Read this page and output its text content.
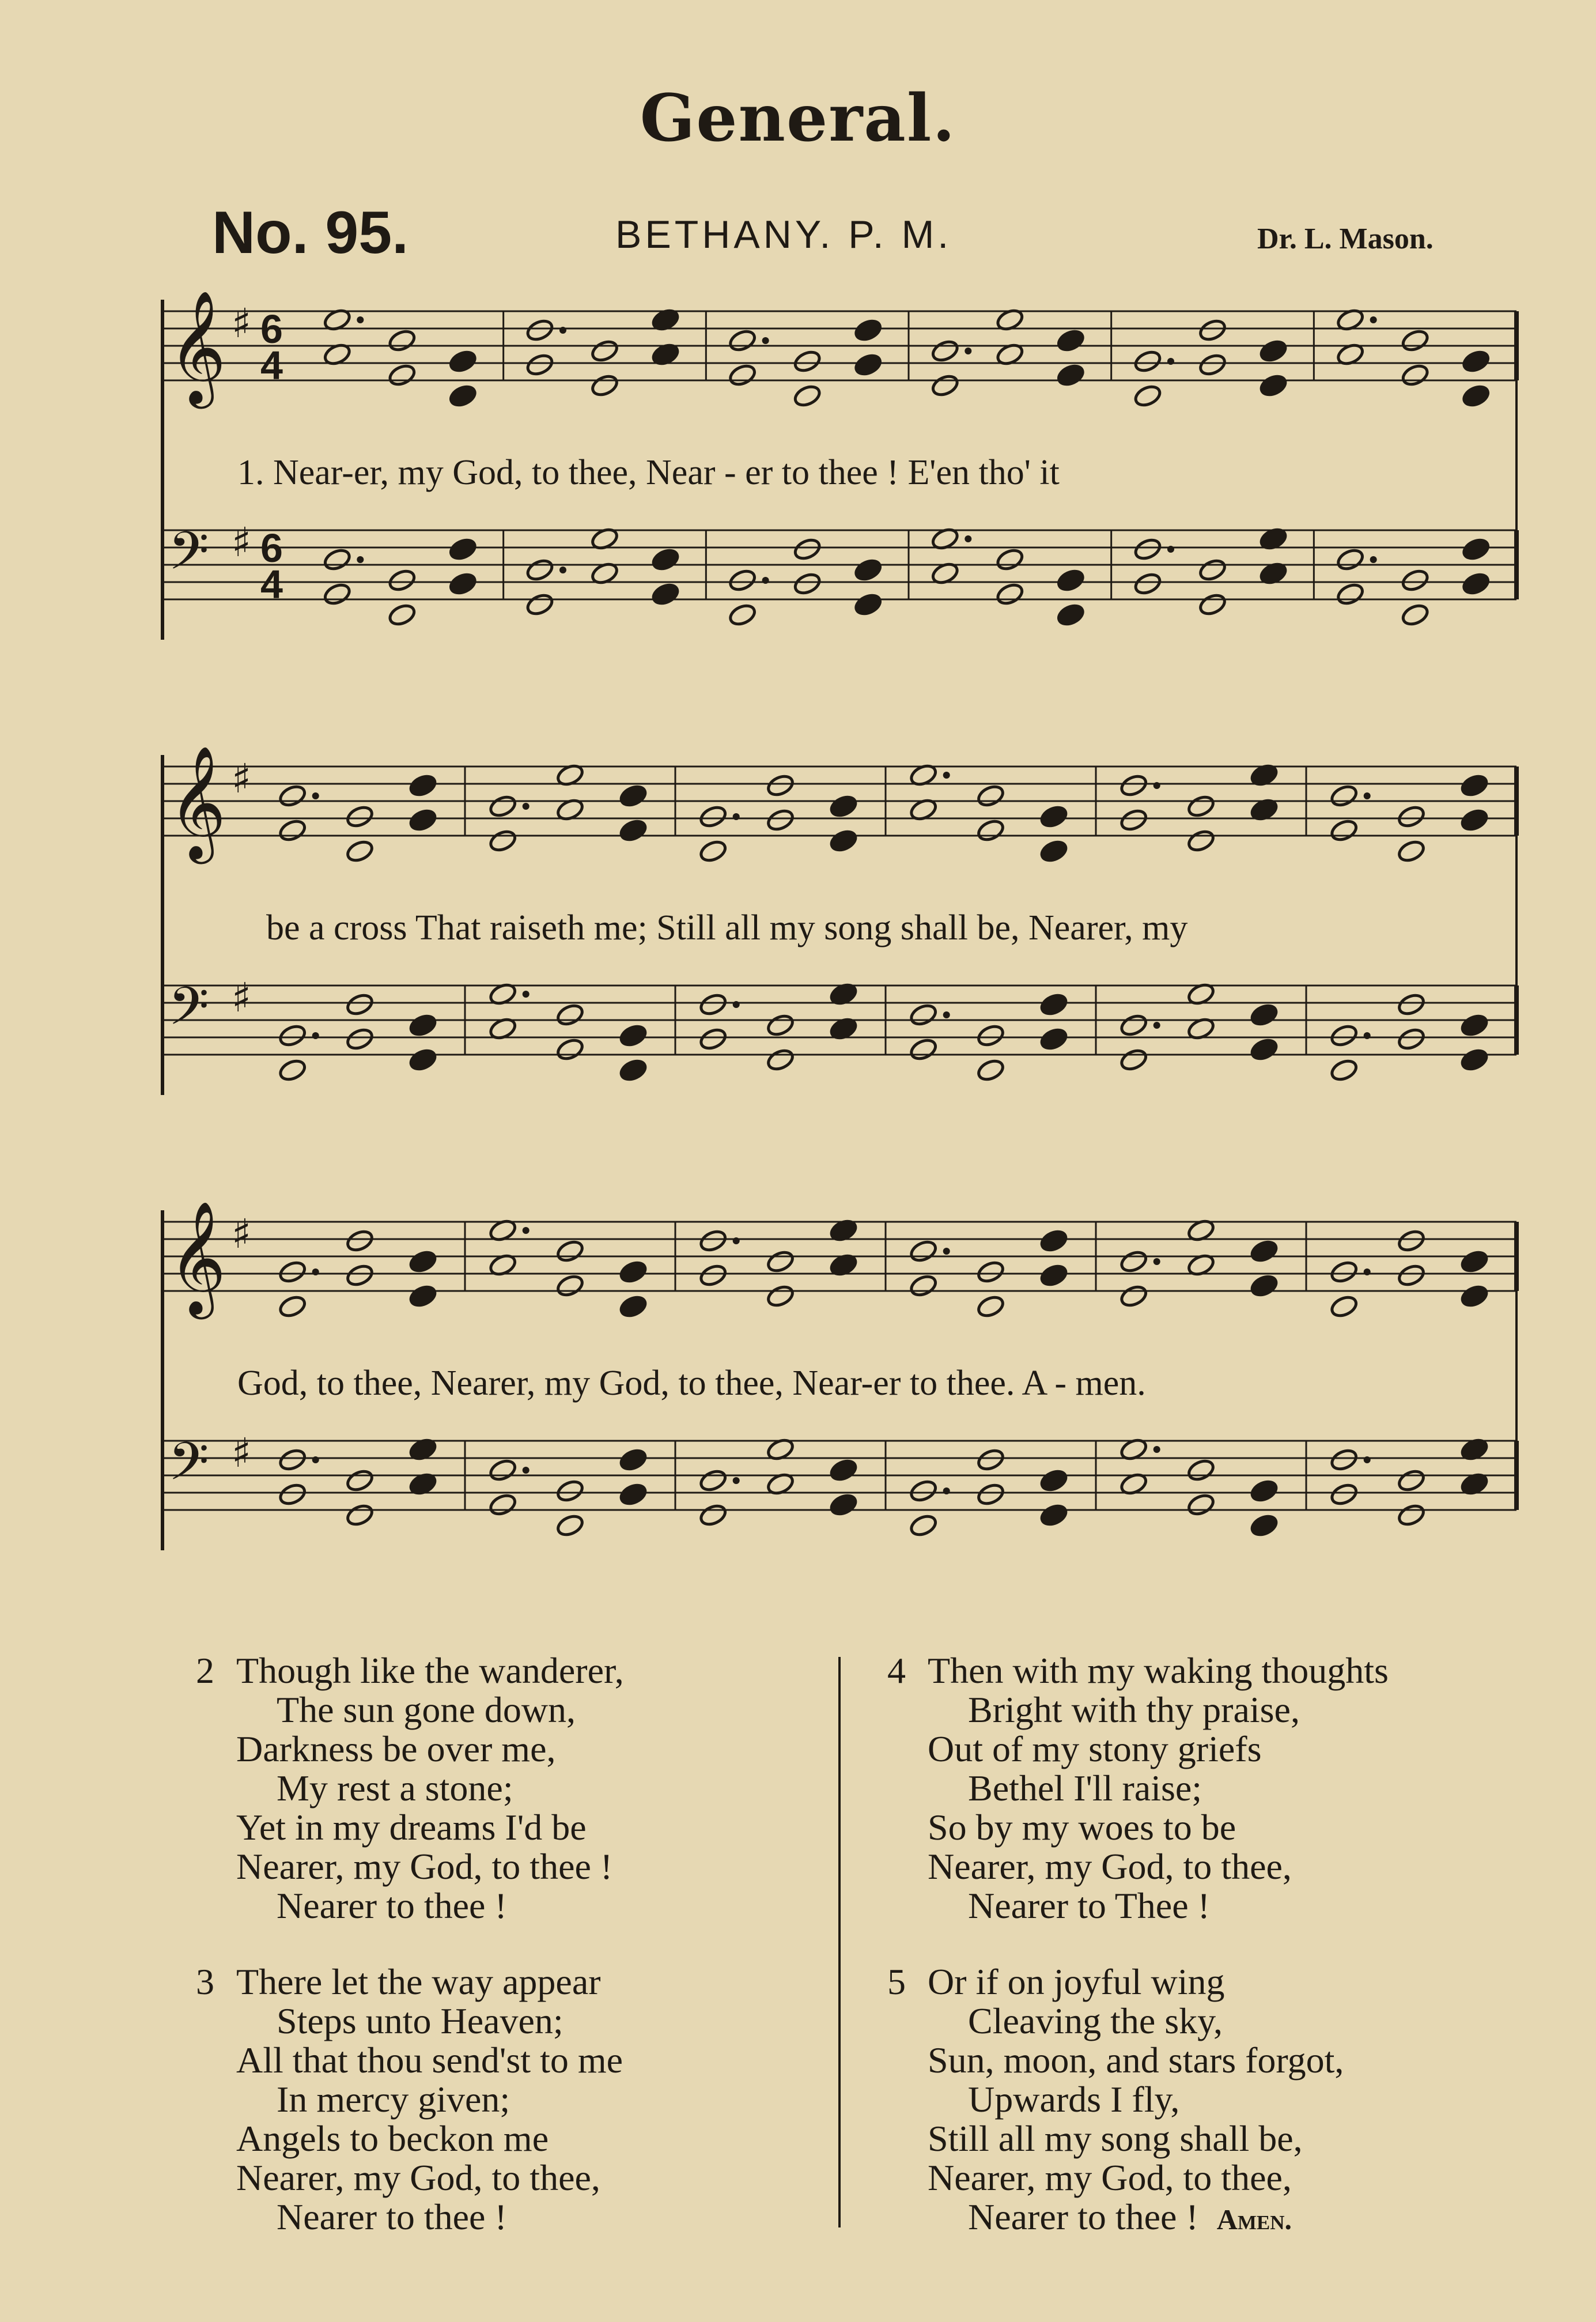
General.
No. 95.	BETHANY. P. M.	Dr. L. Mason.
𝄞 ♯ 6
4
𝄢 ♯ 6
4
1. Near-er, my God, to thee, Near - er to thee ! E'en tho' it
𝄞 ♯
𝄢 ♯
be a cross That raiseth me; Still all my song shall be, Nearer, my
𝄞 ♯
𝄢 ♯
God, to thee, Nearer, my God, to thee, Near-er to thee. A - men.
2 Though like the wanderer,
The sun gone down,
Darkness be over me,
My rest a stone;
Yet in my dreams I'd be
Nearer, my God, to thee !
Nearer to thee !
3 There let the way appear
Steps unto Heaven;
All that thou send'st to me
In mercy given;
Angels to beckon me
Nearer, my God, to thee,
Nearer to thee !
4 Then with my waking thoughts
Bright with thy praise,
Out of my stony griefs
Bethel I'll raise;
So by my woes to be
Nearer, my God, to thee,
Nearer to Thee !
5 Or if on joyful wing
Cleaving the sky,
Sun, moon, and stars forgot,
Upwards I fly,
Still all my song shall be,
Nearer, my God, to thee,
Nearer to thee ! Amen.
